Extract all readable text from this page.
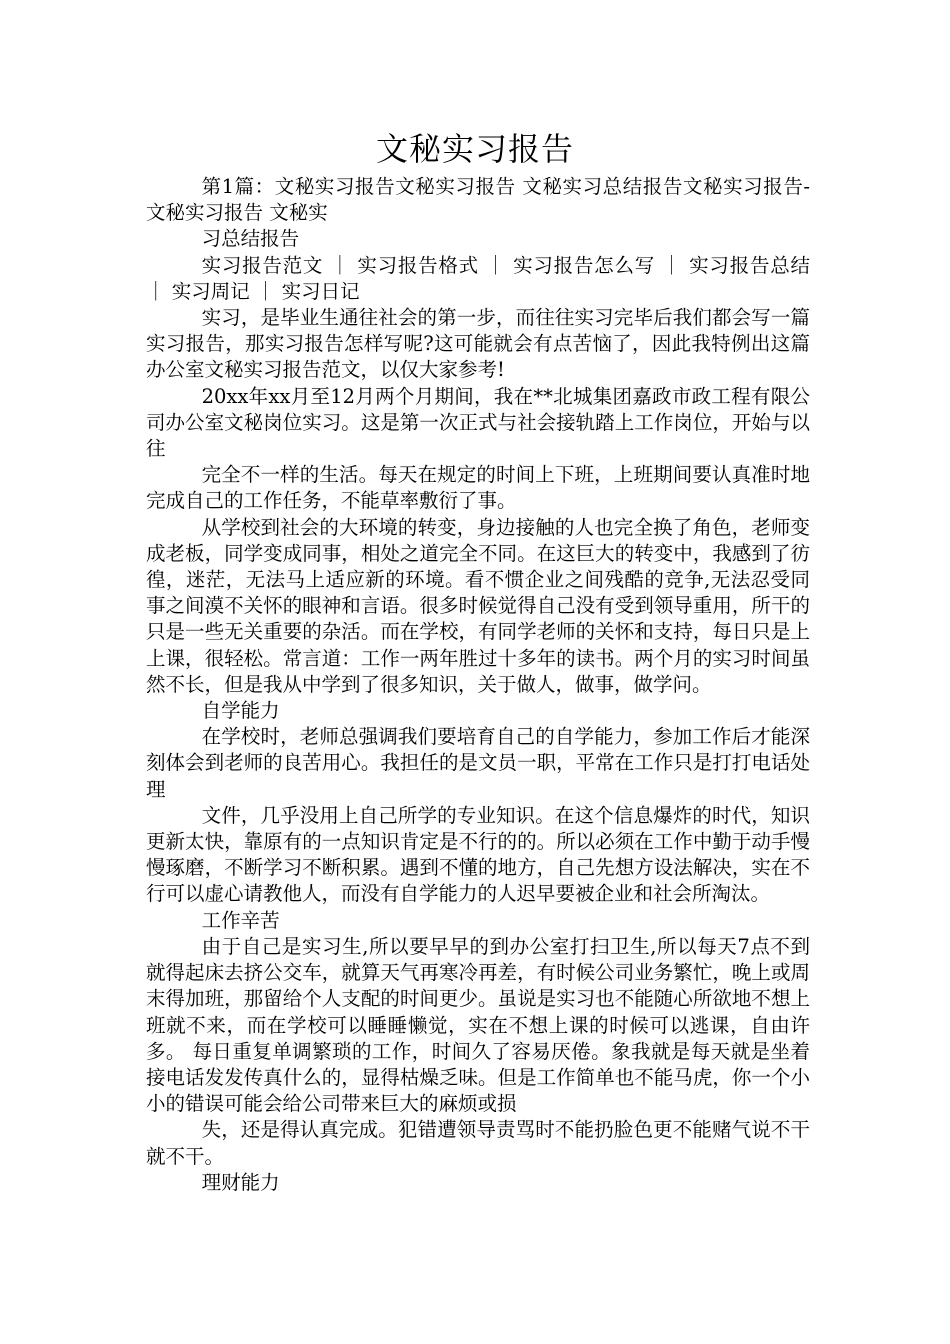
文秘实习报告

第1篇：文秘实习报告文秘实习报告 文秘实习总结报告文秘实习报告-文秘实习报告 文秘实

习总结报告

实习报告范文 ｜ 实习报告格式 ｜ 实习报告怎么写 ｜ 实习报告总结 ｜ 实习周记 ｜ 实习日记

实习，是毕业生通往社会的第一步，而往往实习完毕后我们都会写一篇实习报告，那实习报告怎样写呢?这可能就会有点苦恼了，因此我特例出这篇办公室文秘实习报告范文，以仅大家参考!

20xx年xx月至12月两个月期间，我在**北城集团嘉政市政工程有限公司办公室文秘岗位实习。这是第一次正式与社会接轨踏上工作岗位，开始与以往

完全不一样的生活。每天在规定的时间上下班，上班期间要认真准时地完成自己的工作任务，不能草率敷衍了事。

从学校到社会的大环境的转变，身边接触的人也完全换了角色，老师变成老板，同学变成同事，相处之道完全不同。在这巨大的转变中，我感到了彷徨，迷茫，无法马上适应新的环境。看不惯企业之间残酷的竞争,无法忍受同事之间漠不关怀的眼神和言语。很多时候觉得自己没有受到领导重用，所干的只是一些无关重要的杂活。而在学校，有同学老师的关怀和支持，每日只是上上课，很轻松。常言道：工作一两年胜过十多年的读书。两个月的实习时间虽然不长，但是我从中学到了很多知识，关于做人，做事，做学问。

自学能力

在学校时，老师总强调我们要培育自己的自学能力，参加工作后才能深刻体会到老师的良苦用心。我担任的是文员一职，平常在工作只是打打电话处理

文件，几乎没用上自己所学的专业知识。在这个信息爆炸的时代，知识更新太快，靠原有的一点知识肯定是不行的的。所以必须在工作中勤于动手慢慢琢磨，不断学习不断积累。遇到不懂的地方，自己先想方设法解决，实在不行可以虚心请教他人，而没有自学能力的人迟早要被企业和社会所淘汰。

工作辛苦

由于自己是实习生,所以要早早的到办公室打扫卫生,所以每天7点不到就得起床去挤公交车，就算天气再寒冷再差，有时候公司业务繁忙，晚上或周末得加班，那留给个人支配的时间更少。虽说是实习也不能随心所欲地不想上班就不来，而在学校可以睡睡懒觉，实在不想上课的时候可以逃课，自由许多。 每日重复单调繁琐的工作，时间久了容易厌倦。象我就是每天就是坐着接电话发发传真什么的，显得枯燥乏味。但是工作简单也不能马虎，你一个小小的错误可能会给公司带来巨大的麻烦或损

失，还是得认真完成。犯错遭领导责骂时不能扔脸色更不能赌气说不干就不干。

理财能力
